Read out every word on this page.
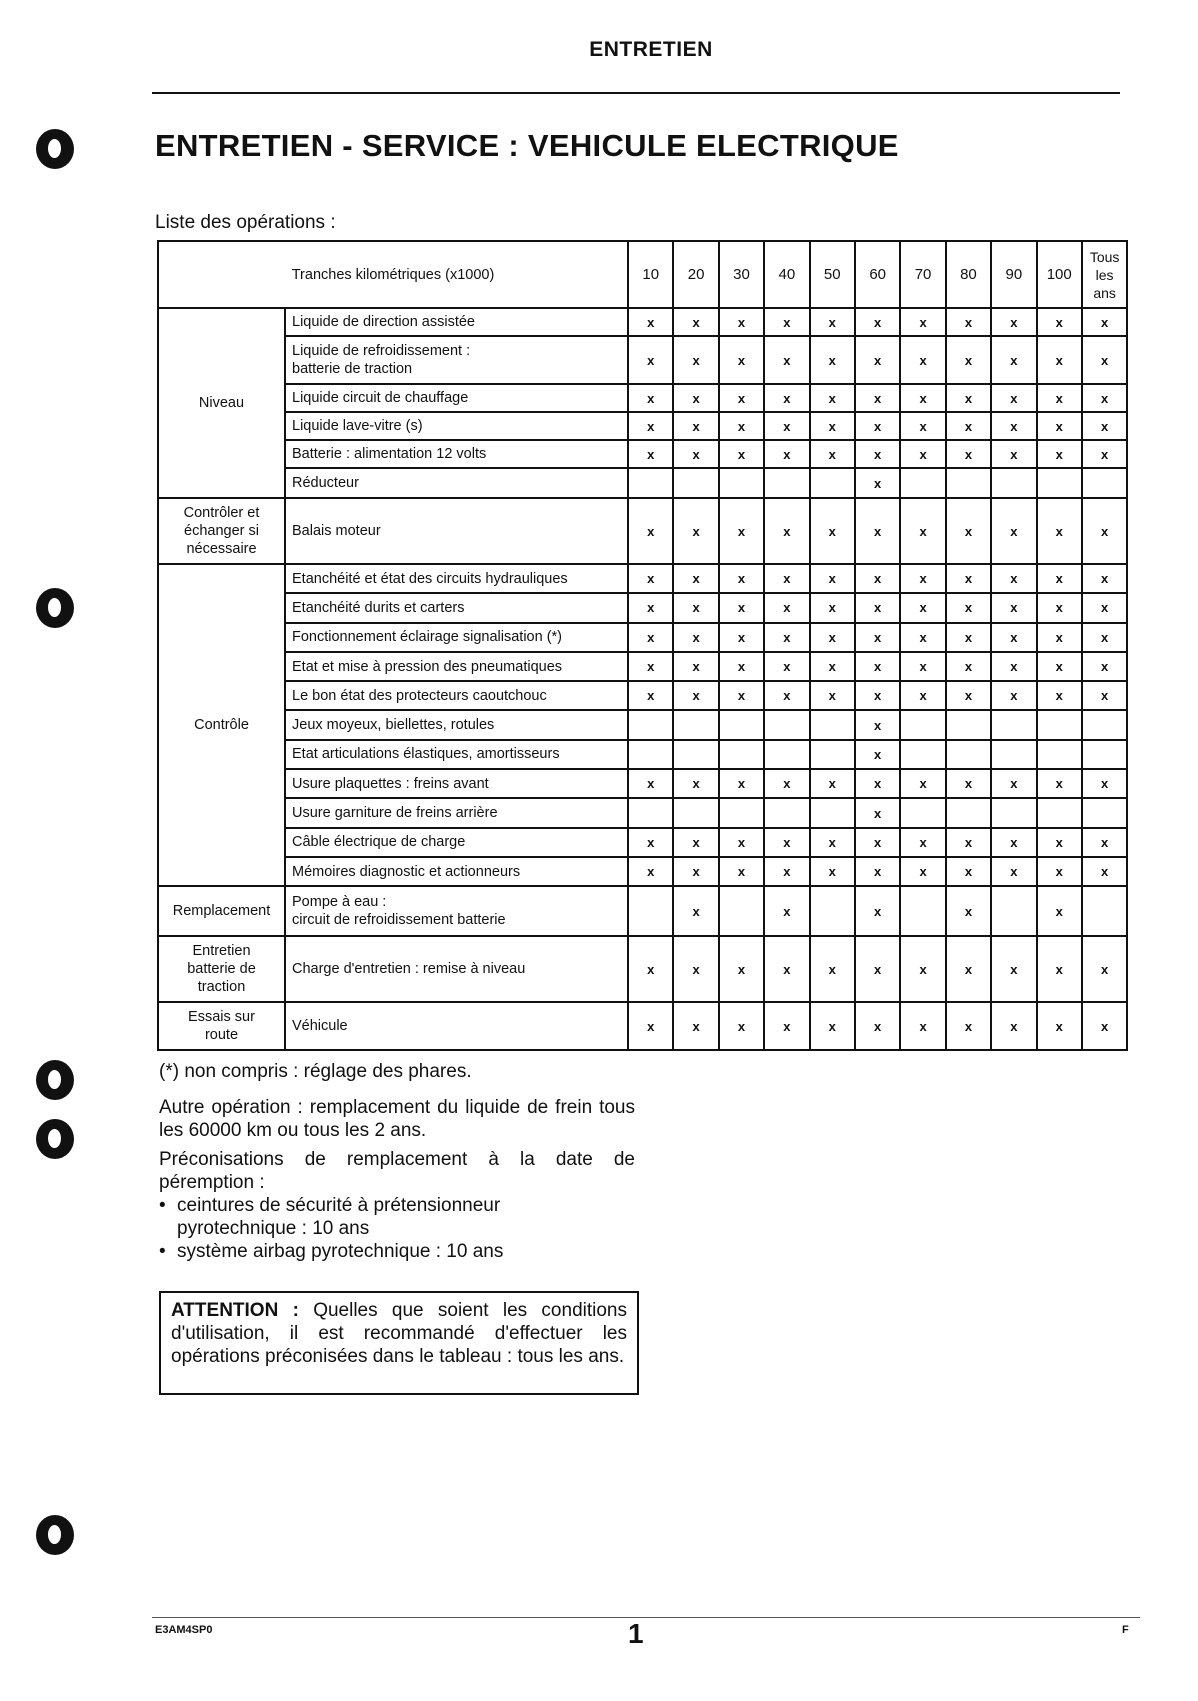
ENTRETIEN
ENTRETIEN - SERVICE : VEHICULE ELECTRIQUE
Liste des opérations :
Tranches kilométriques (x1000)		10	20	30	40	50	60	70	80	90	100	Tous
les
ans
Niveau	Liquide de direction assistée	x	x	x	x	x	x	x	x	x	x	x
	Liquide de refroidissement :
batterie de traction	x	x	x	x	x	x	x	x	x	x	x
	Liquide circuit de chauffage	x	x	x	x	x	x	x	x	x	x	x
	Liquide lave-vitre (s)	x	x	x	x	x	x	x	x	x	x	x
	Batterie : alimentation 12 volts	x	x	x	x	x	x	x	x	x	x	x
	Réducteur						x					
Contrôler et
échanger si
nécessaire	Balais moteur	x	x	x	x	x	x	x	x	x	x	x
Contrôle	Etanchéité et état des circuits hydrauliques	x	x	x	x	x	x	x	x	x	x	x
	Etanchéité durits et carters	x	x	x	x	x	x	x	x	x	x	x
	Fonctionnement éclairage signalisation (*)	x	x	x	x	x	x	x	x	x	x	x
	Etat et mise à pression des pneumatiques	x	x	x	x	x	x	x	x	x	x	x
	Le bon état des protecteurs caoutchouc	x	x	x	x	x	x	x	x	x	x	x
	Jeux moyeux, biellettes, rotules						x					
	Etat articulations élastiques, amortisseurs						x					
	Usure plaquettes : freins avant	x	x	x	x	x	x	x	x	x	x	x
	Usure garniture de freins arrière						x					
	Câble électrique de charge	x	x	x	x	x	x	x	x	x	x	x
	Mémoires diagnostic et actionneurs	x	x	x	x	x	x	x	x	x	x	x
Remplacement	Pompe à eau :
circuit de refroidissement batterie		x		x		x		x		x	
Entretien
batterie de
traction	Charge d'entretien : remise à niveau	x	x	x	x	x	x	x	x	x	x	x
Essais sur
route	Véhicule	x	x	x	x	x	x	x	x	x	x	x
(*) non compris : réglage des phares.
Autre opération : remplacement du liquide de frein tous les 60000 km ou tous les 2 ans.
Préconisations de remplacement à la date de péremption :
• ceintures de sécurité à prétensionneur pyrotechnique : 10 ans
• système airbag pyrotechnique : 10 ans
ATTENTION : Quelles que soient les conditions d'utilisation, il est recommandé d'effectuer les opérations préconisées dans le tableau : tous les ans.
E3AM4SP0	1	F
